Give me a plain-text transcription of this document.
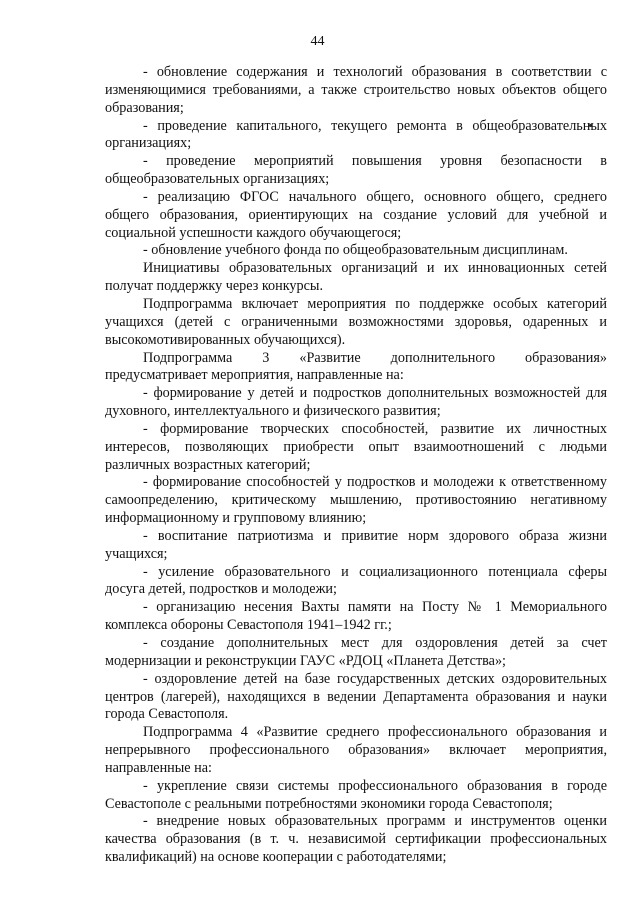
44

- обновление содержания и технологий образования в соответствии с изменяющимися требованиями, а также строительство новых объектов общего образования;

- проведение капитального, текущего ремонта в общеобразовательных организациях;

- проведение мероприятий повышения уровня безопасности в общеобразовательных организациях;

- реализацию ФГОС начального общего, основного общего, среднего общего образования, ориентирующих на создание условий для учебной и социальной успешности каждого обучающегося;

- обновление учебного фонда по общеобразовательным дисциплинам.

Инициативы образовательных организаций и их инновационных сетей получат поддержку через конкурсы.

Подпрограмма включает мероприятия по поддержке особых категорий учащихся (детей с ограниченными возможностями здоровья, одаренных и высокомотивированных обучающихся).

Подпрограмма 3 «Развитие дополнительного образования» предусматривает мероприятия, направленные на:

- формирование у детей и подростков дополнительных возможностей для духовного, интеллектуального и физического развития;

- формирование творческих способностей, развитие их личностных интересов, позволяющих приобрести опыт взаимоотношений с людьми различных возрастных категорий;

- формирование способностей у подростков и молодежи к ответственному самоопределению, критическому мышлению, противостоянию негативному информационному и групповому влиянию;

- воспитание патриотизма и привитие норм здорового образа жизни учащихся;

- усиление образовательного и социализационного потенциала сферы досуга детей, подростков и молодежи;

- организацию несения Вахты памяти на Посту № 1 Мемориального комплекса обороны Севастополя 1941–1942 гг.;

- создание дополнительных мест для оздоровления детей за счет модернизации и реконструкции ГАУС «РДОЦ «Планета Детства»;

- оздоровление детей на базе государственных детских оздоровительных центров (лагерей), находящихся в ведении Департамента образования и науки города Севастополя.

Подпрограмма 4 «Развитие среднего профессионального образования и непрерывного профессионального образования» включает мероприятия, направленные на:

- укрепление связи системы профессионального образования в городе Севастополе с реальными потребностями экономики города Севастополя;

- внедрение новых образовательных программ и инструментов оценки качества образования (в т. ч. независимой сертификации профессиональных квалификаций) на основе кооперации с работодателями;
